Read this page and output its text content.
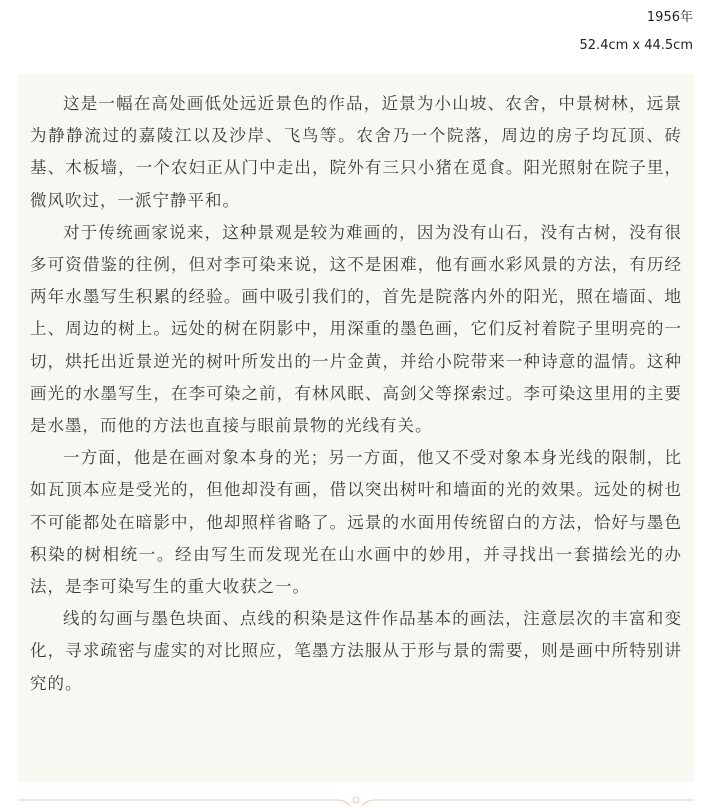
1956年
52.4cm x 44.5cm

这是一幅在高处画低处远近景色的作品，近景为小山坡、农舍，中景树林，远景为静静流过的嘉陵江以及沙岸、飞鸟等。农舍乃一个院落，周边的房子均瓦顶、砖基、木板墙，一个农妇正从门中走出，院外有三只小猪在觅食。阳光照射在院子里，微风吹过，一派宁静平和。

对于传统画家说来，这种景观是较为难画的，因为没有山石，没有古树，没有很多可资借鉴的往例，但对李可染来说，这不是困难，他有画水彩风景的方法，有历经两年水墨写生积累的经验。画中吸引我们的，首先是院落内外的阳光，照在墙面、地上、周边的树上。远处的树在阴影中，用深重的墨色画，它们反衬着院子里明亮的一切，烘托出近景逆光的树叶所发出的一片金黄，并给小院带来一种诗意的温情。这种画光的水墨写生，在李可染之前，有林风眠、高剑父等探索过。李可染这里用的主要是水墨，而他的方法也直接与眼前景物的光线有关。

一方面，他是在画对象本身的光；另一方面，他又不受对象本身光线的限制，比如瓦顶本应是受光的，但他却没有画，借以突出树叶和墙面的光的效果。远处的树也不可能都处在暗影中，他却照样省略了。远景的水面用传统留白的方法，恰好与墨色积染的树相统一。经由写生而发现光在山水画中的妙用，并寻找出一套描绘光的办法，是李可染写生的重大收获之一。

线的勾画与墨色块面、点线的积染是这件作品基本的画法，注意层次的丰富和变化，寻求疏密与虚实的对比照应，笔墨方法服从于形与景的需要，则是画中所特别讲究的。
